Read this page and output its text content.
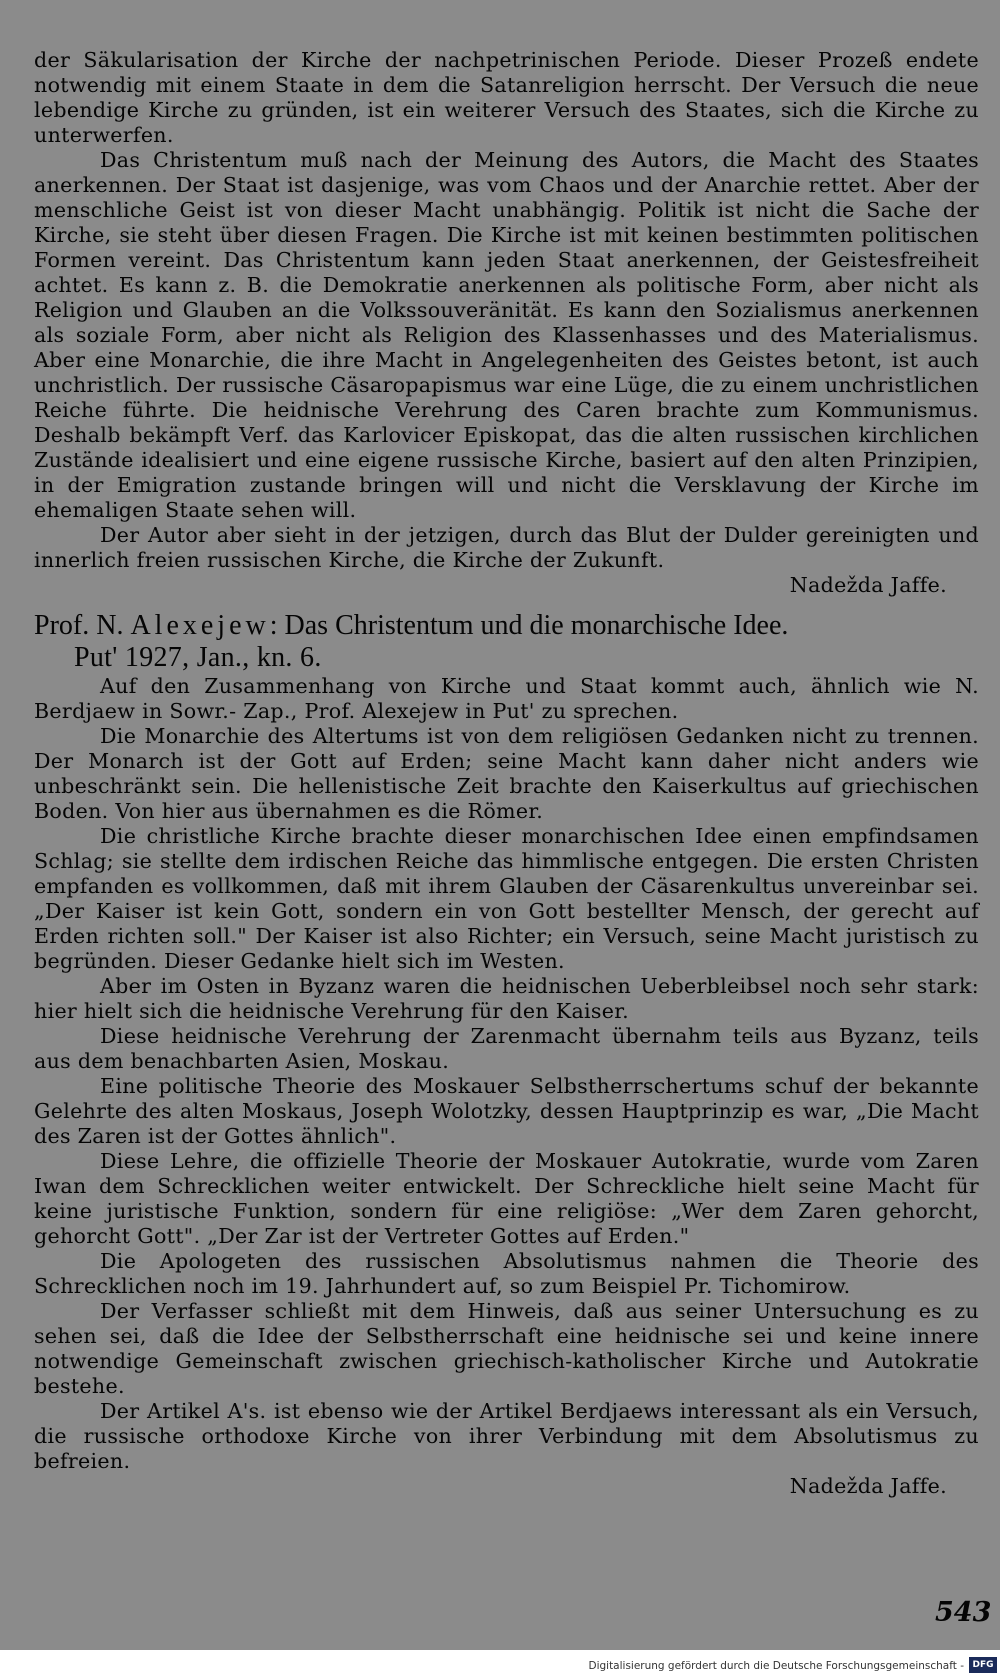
der Säkularisation der Kirche der nachpetrinischen Periode. Dieser Prozeß endete notwendig mit einem Staate in dem die Satanreligion herrscht. Der Versuch die neue lebendige Kirche zu gründen, ist ein weiterer Versuch des Staates, sich die Kirche zu unterwerfen.

Das Christentum muß nach der Meinung des Autors, die Macht des Staates anerkennen. Der Staat ist dasjenige, was vom Chaos und der Anarchie rettet. Aber der menschliche Geist ist von dieser Macht unabhängig. Politik ist nicht die Sache der Kirche, sie steht über diesen Fragen. Die Kirche ist mit keinen bestimmten politischen Formen vereint. Das Christentum kann jeden Staat anerkennen, der Geistesfreiheit achtet. Es kann z. B. die Demokratie anerkennen als politische Form, aber nicht als Religion und Glauben an die Volkssouveränität. Es kann den Sozialismus anerkennen als soziale Form, aber nicht als Religion des Klassenhasses und des Materialismus. Aber eine Monarchie, die ihre Macht in Angelegenheiten des Geistes betont, ist auch unchristlich. Der russische Cäsaropapismus war eine Lüge, die zu einem unchristlichen Reiche führte. Die heidnische Verehrung des Caren brachte zum Kommunismus. Deshalb bekämpft Verf. das Karlovicer Episkopat, das die alten russischen kirchlichen Zustände idealisiert und eine eigene russische Kirche, basiert auf den alten Prinzipien, in der Emigration zustande bringen will und nicht die Versklavung der Kirche im ehemaligen Staate sehen will.

Der Autor aber sieht in der jetzigen, durch das Blut der Dulder gereinigten und innerlich freien russischen Kirche, die Kirche der Zukunft.

Nadežda Jaffe.

Prof. N. Alexejew: Das Christentum und die monarchische Idee.

Put' 1927, Jan., kn. 6.

Auf den Zusammenhang von Kirche und Staat kommt auch, ähnlich wie N. Berdjaew in Sowr.- Zap., Prof. Alexejew in Put' zu sprechen.

Die Monarchie des Altertums ist von dem religiösen Gedanken nicht zu trennen. Der Monarch ist der Gott auf Erden; seine Macht kann daher nicht anders wie unbeschränkt sein. Die hellenistische Zeit brachte den Kaiserkultus auf griechischen Boden. Von hier aus übernahmen es die Römer.

Die christliche Kirche brachte dieser monarchischen Idee einen empfindsamen Schlag; sie stellte dem irdischen Reiche das himmlische entgegen. Die ersten Christen empfanden es vollkommen, daß mit ihrem Glauben der Cäsarenkultus unvereinbar sei. „Der Kaiser ist kein Gott, sondern ein von Gott bestellter Mensch, der gerecht auf Erden richten soll." Der Kaiser ist also Richter; ein Versuch, seine Macht juristisch zu begründen. Dieser Gedanke hielt sich im Westen.

Aber im Osten in Byzanz waren die heidnischen Ueberbleibsel noch sehr stark: hier hielt sich die heidnische Verehrung für den Kaiser.

Diese heidnische Verehrung der Zarenmacht übernahm teils aus Byzanz, teils aus dem benachbarten Asien, Moskau.

Eine politische Theorie des Moskauer Selbstherrschertums schuf der bekannte Gelehrte des alten Moskaus, Joseph Wolotzky, dessen Hauptprinzip es war, „Die Macht des Zaren ist der Gottes ähnlich".

Diese Lehre, die offizielle Theorie der Moskauer Autokratie, wurde vom Zaren Iwan dem Schrecklichen weiter entwickelt. Der Schreckliche hielt seine Macht für keine juristische Funktion, sondern für eine religiöse: „Wer dem Zaren gehorcht, gehorcht Gott". „Der Zar ist der Vertreter Gottes auf Erden."

Die Apologeten des russischen Absolutismus nahmen die Theorie des Schrecklichen noch im 19. Jahrhundert auf, so zum Beispiel Pr. Tichomirow.

Der Verfasser schließt mit dem Hinweis, daß aus seiner Untersuchung es zu sehen sei, daß die Idee der Selbstherrschaft eine heidnische sei und keine innere notwendige Gemeinschaft zwischen griechisch-katholischer Kirche und Autokratie bestehe.

Der Artikel A's. ist ebenso wie der Artikel Berdjaews interessant als ein Versuch, die russische orthodoxe Kirche von ihrer Verbindung mit dem Absolutismus zu befreien.

Nadežda Jaffe.

543
Digitalisierung gefördert durch die Deutsche Forschungsgemeinschaft - DFG
